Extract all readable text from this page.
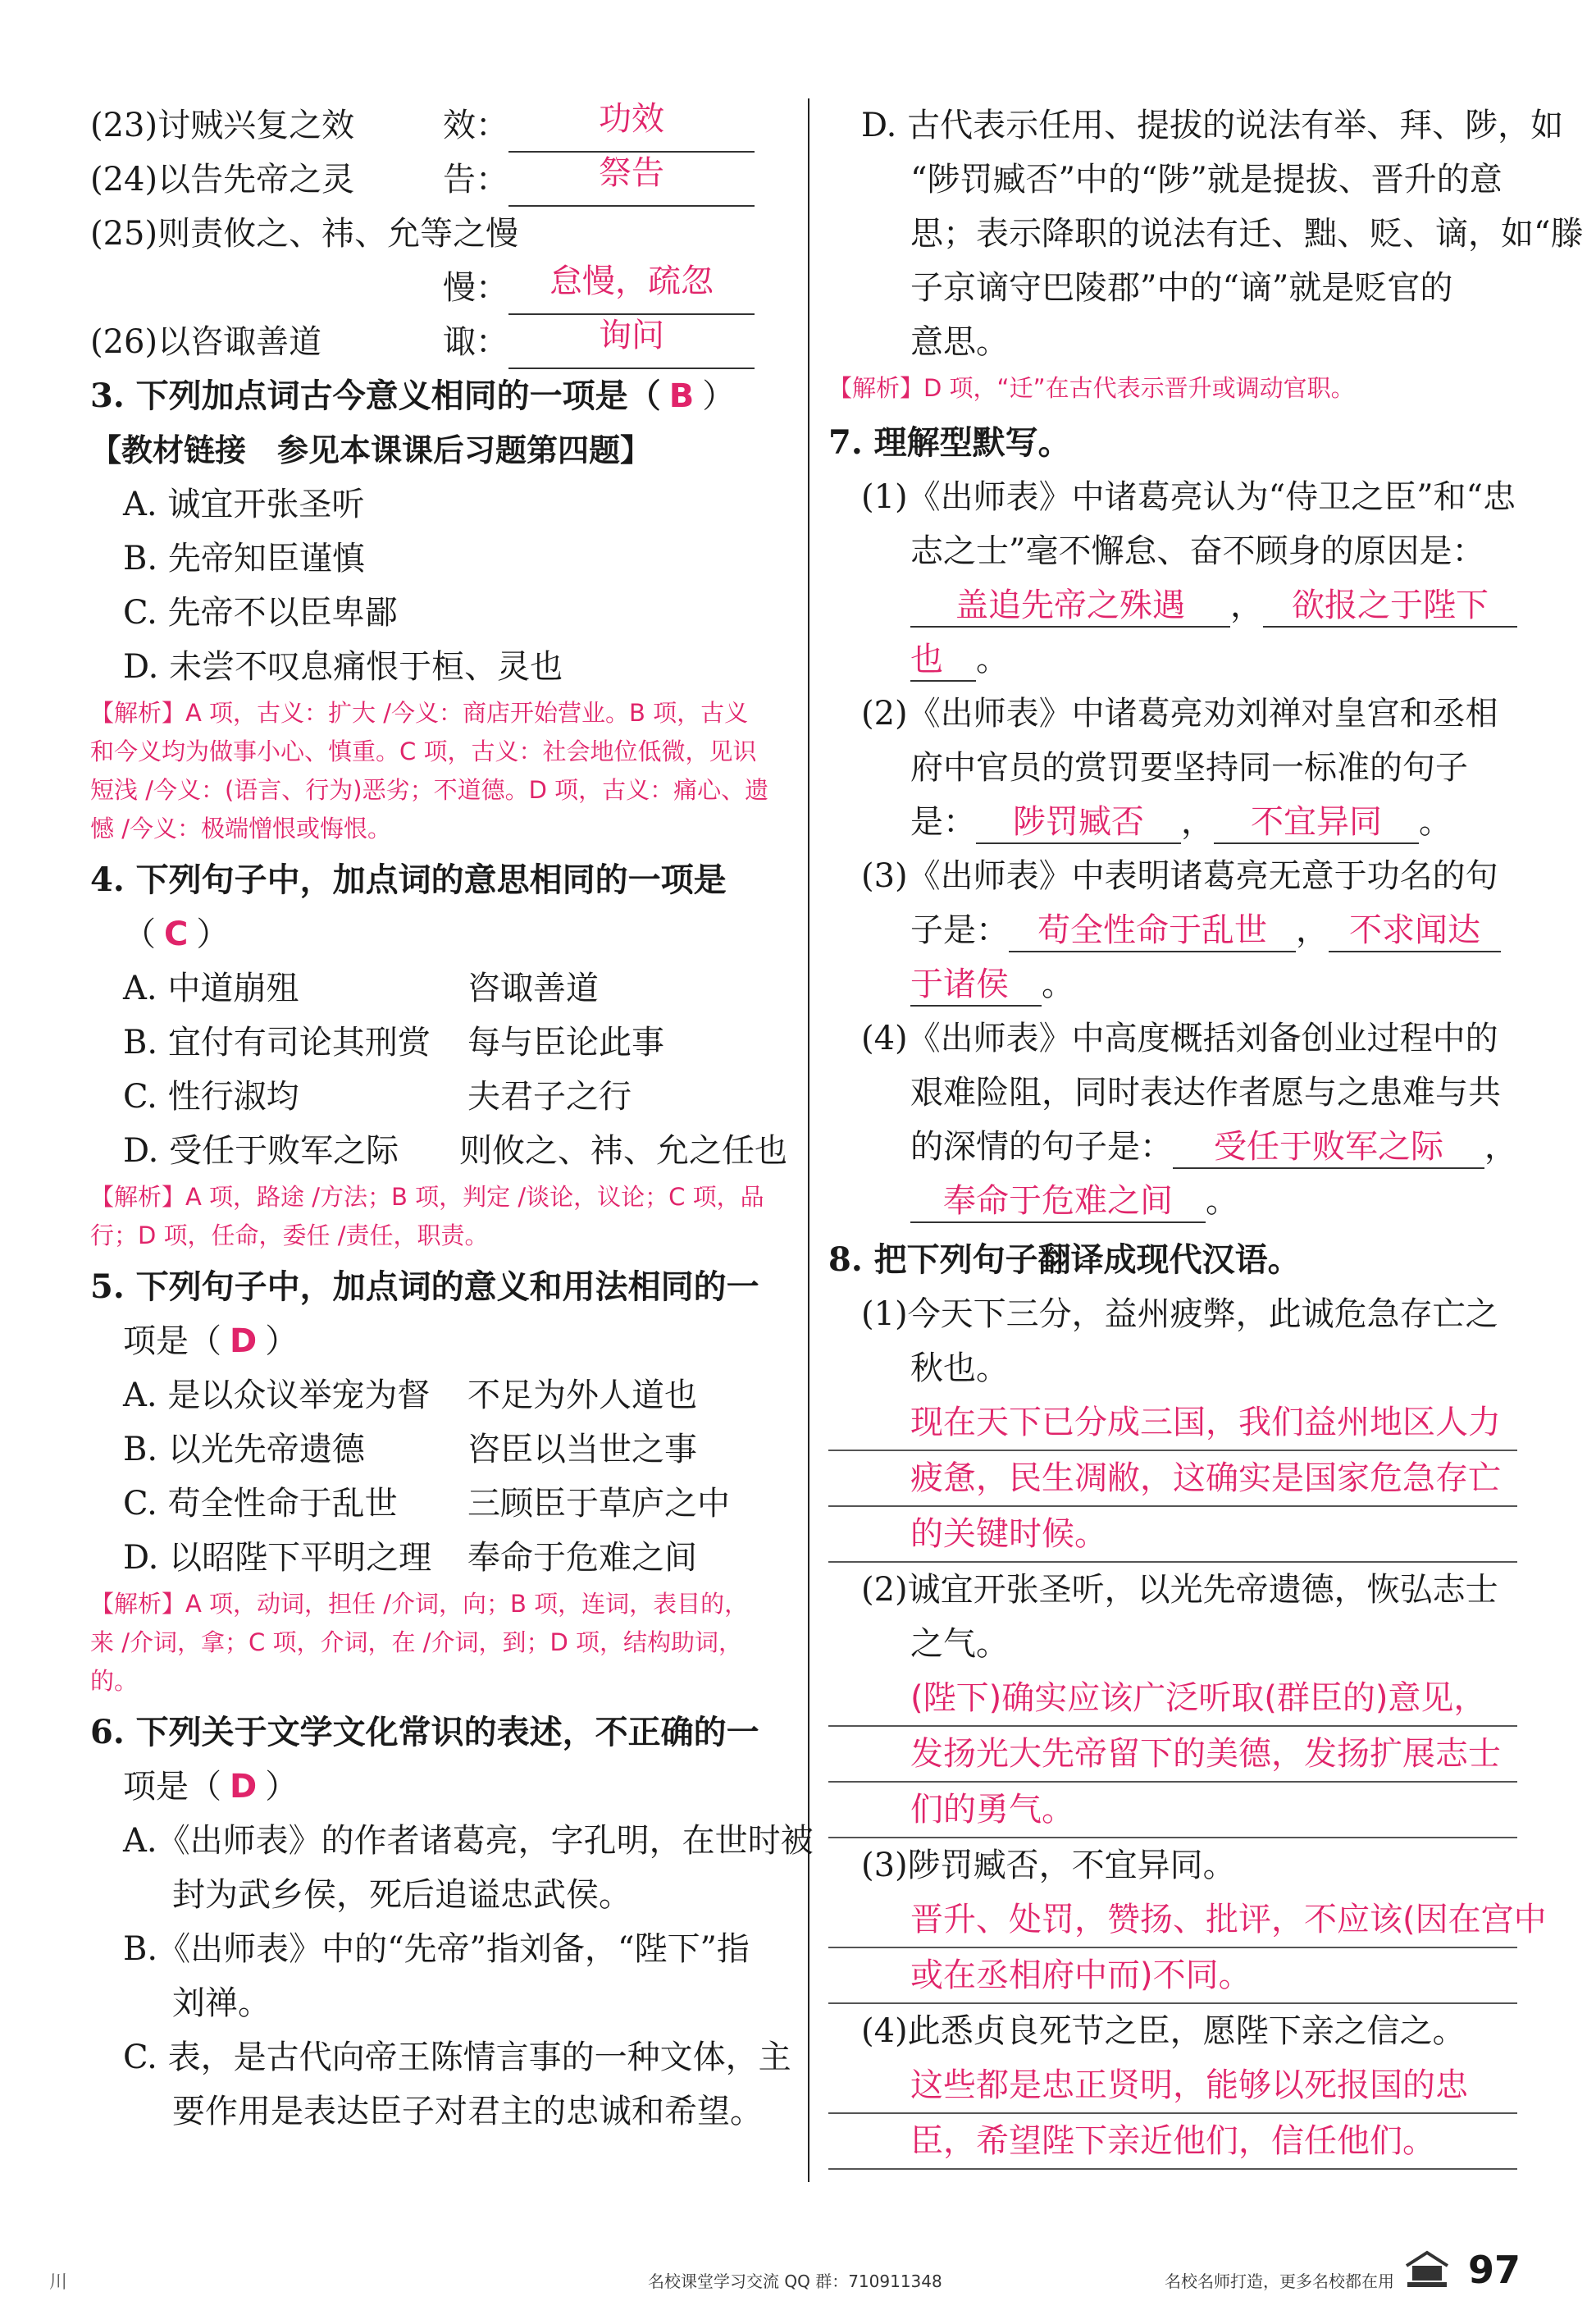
(23)讨贼兴复之效	效：	功效
(24)以告先帝之灵	告：	祭告
(25)则责攸之、祎、允等之慢
慢：	怠慢，疏忽
(26)以咨诹善道	诹：	询问
3. 下列加点词古今意义相同的一项是（ B ）
【教材链接　参见本课课后习题第四题】
A. 诚宜开张圣听
B. 先帝知臣谨慎
C. 先帝不以臣卑鄙
D. 未尝不叹息痛恨于桓、灵也
【解析】A 项，古义：扩大 /今义：商店开始营业。B 项，古义和今义均为做事小心、慎重。C 项，古义：社会地位低微，见识短浅 /今义：(语言、行为)恶劣；不道德。D 项，古义：痛心、遗憾 /今义：极端憎恨或悔恨。
4. 下列句子中，加点词的意思相同的一项是
（ C ）
A. 中道崩殂	咨诹善道
B. 宜付有司论其刑赏	每与臣论此事
C. 性行淑均	夫君子之行
D. 受任于败军之际	则攸之、祎、允之任也
【解析】A 项，路途 /方法；B 项，判定 /谈论，议论；C 项，品行；D 项，任命，委任 /责任，职责。
5. 下列句子中，加点词的意义和用法相同的一
项是（ D ）
A. 是以众议举宠为督	不足为外人道也
B. 以光先帝遗德	咨臣以当世之事
C. 苟全性命于乱世	三顾臣于草庐之中
D. 以昭陛下平明之理	奉命于危难之间
【解析】A 项，动词，担任 /介词，向；B 项，连词，表目的，来 /介词，拿；C 项，介词，在 /介词，到；D 项，结构助词，的。
6. 下列关于文学文化常识的表述，不正确的一
项是（ D ）
A.《出师表》的作者诸葛亮，字孔明，在世时被
封为武乡侯，死后追谥忠武侯。
B.《出师表》中的“先帝”指刘备，“陛下”指
刘禅。
C. 表，是古代向帝王陈情言事的一种文体，主
要作用是表达臣子对君主的忠诚和希望。
D. 古代表示任用、提拔的说法有举、拜、陟，如
“陟罚臧否”中的“陟”就是提拔、晋升的意
思；表示降职的说法有迁、黜、贬、谪，如“滕
子京谪守巴陵郡”中的“谪”就是贬官的
意思。
【解析】D 项，“迁”在古代表示晋升或调动官职。
7. 理解型默写。
(1)《出师表》中诸葛亮认为“侍卫之臣”和“忠
志之士”毫不懈怠、奋不顾身的原因是：
盖追先帝之殊遇 ， 欲报之于陛下
也 。
(2)《出师表》中诸葛亮劝刘禅对皇宫和丞相
府中官员的赏罚要坚持同一标准的句子
是： 陟罚臧否 ， 不宜异同 。
(3)《出师表》中表明诸葛亮无意于功名的句
子是： 苟全性命于乱世 ， 不求闻达
于诸侯 。
(4)《出师表》中高度概括刘备创业过程中的
艰难险阻，同时表达作者愿与之患难与共
的深情的句子是： 受任于败军之际 ，
奉命于危难之间 。
8. 把下列句子翻译成现代汉语。
(1)今天下三分，益州疲弊，此诚危急存亡之
秋也。
现在天下已分成三国，我们益州地区人力
疲惫，民生凋敝，这确实是国家危急存亡
的关键时候。
(2)诚宜开张圣听，以光先帝遗德，恢弘志士
之气。
(陛下)确实应该广泛听取(群臣的)意见，
发扬光大先帝留下的美德，发扬扩展志士
们的勇气。
(3)陟罚臧否，不宜异同。
晋升、处罚，赞扬、批评，不应该(因在宫中
或在丞相府中而)不同。
(4)此悉贞良死节之臣，愿陛下亲之信之。
这些都是忠正贤明，能够以死报国的忠
臣，希望陛下亲近他们，信任他们。
川	名校课堂学习交流 QQ 群：710911348	名校名师打造，更多名校都在用 97
